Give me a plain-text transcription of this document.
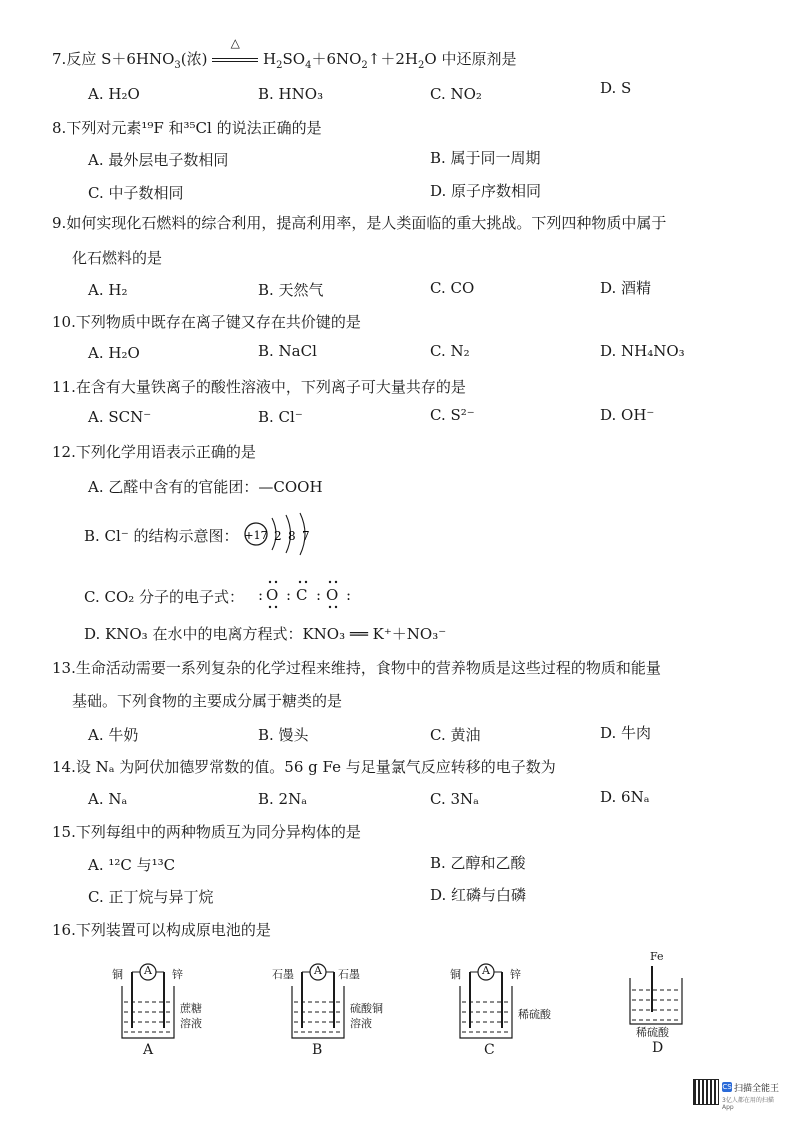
7.反应 $S+6HNO_3$(浓)
△
$H_2SO_4+6NO_2↑+2H_2O$ 中还原剂是
A. H₂O	B. HNO₃	C. NO₂	D. S
8.下列对元素¹⁹F 和³⁵Cl 的说法正确的是
A. 最外层电子数相同	B. 属于同一周期
C. 中子数相同	D. 原子序数相同
9.如何实现化石燃料的综合利用，提高利用率，是人类面临的重大挑战。下列四种物质中属于
化石燃料的是
A. H₂	B. 天然气	C. CO	D. 酒精
10.下列物质中既存在离子键又存在共价键的是
A. H₂O	B. NaCl	C. N₂	D. NH₄NO₃
11.在含有大量铁离子的酸性溶液中，下列离子可大量共存的是
A. SCN⁻	B. Cl⁻	C. S²⁻	D. OH⁻
12.下列化学用语表示正确的是
A. 乙醛中含有的官能团：—COOH
B. Cl⁻ 的结构示意图： +17 2 8 7
C. CO₂ 分子的电子式： : O : C : O :
D. KNO₃ 在水中的电离方程式：KNO₃ ══ K⁺＋NO₃⁻
13.生命活动需要一系列复杂的化学过程来维持，食物中的营养物质是这些过程的物质和能量
基础。下列食物的主要成分属于糖类的是
A. 牛奶	B. 馒头	C. 黄油	D. 牛肉
14.设 Nₐ 为阿伏加德罗常数的值。56 g Fe 与足量氯气反应转移的电子数为
A. Nₐ	B. 2Nₐ	C. 3Nₐ	D. 6Nₐ
15.下列每组中的两种物质互为同分异构体的是
A. ¹²C 与¹³C	B. 乙醇和乙酸
C. 正丁烷与异丁烷	D. 红磷与白磷
16.下列装置可以构成原电池的是
A
铜	锌
蔗糖
溶液
A
A
石墨	石墨
硫酸铜
溶液
B
A
铜	锌
稀硫酸
C
Fe
稀硫酸
D
CS 扫描全能王
3亿人都在用的扫描App
